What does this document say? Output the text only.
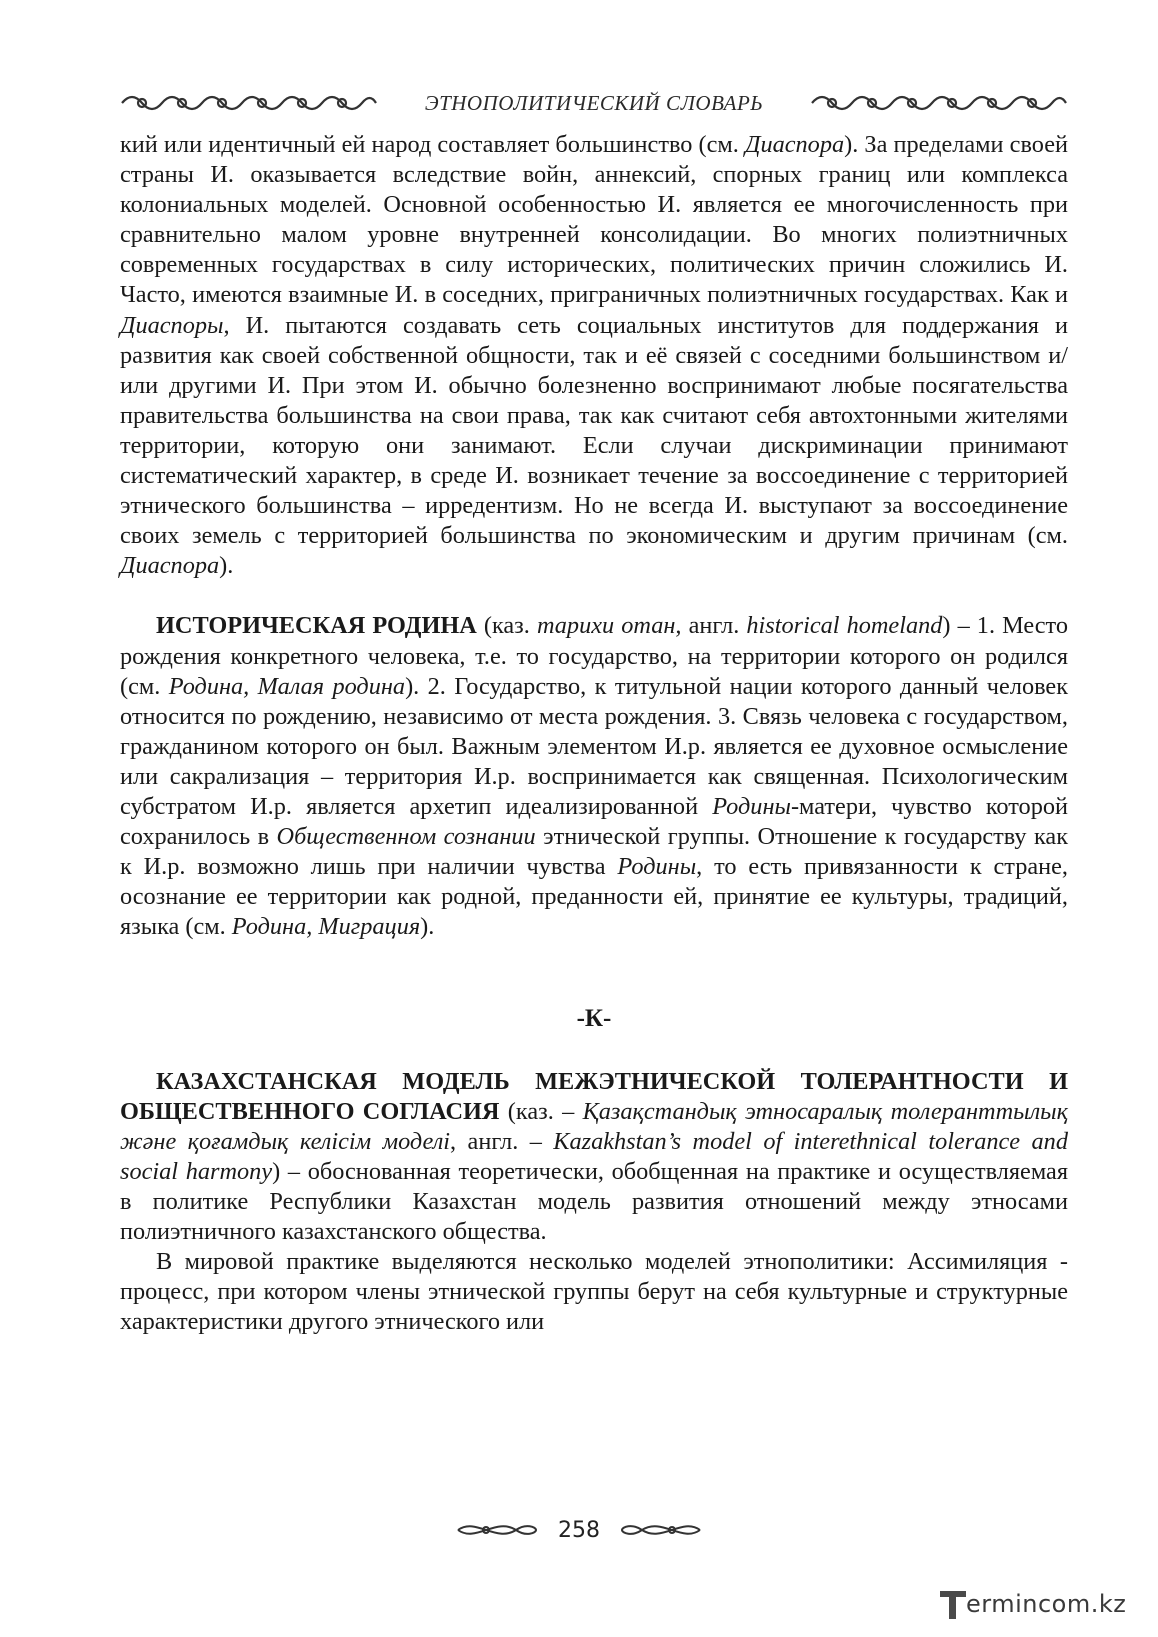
ЭТНОПОЛИТИЧЕСКИЙ СЛОВАРЬ

кий или идентичный ей народ составляет большинство (см. Диаспора). За пределами своей страны И. оказывается вследствие войн, аннексий, спорных границ или комплекса колониальных моделей. Основной особенностью И. является ее многочисленность при сравнительно малом уровне внутренней консолидации. Во многих полиэтничных современных государствах в силу исторических, политических причин сложились И. Часто, имеются взаимные И. в соседних, приграничных полиэтничных государствах. Как и Диаспоры, И. пытаются создавать сеть социальных институтов для поддержания и развития как своей собственной общности, так и её связей с соседними большинством и/или другими И. При этом И. обычно болезненно воспринимают любые посягательства правительства большинства на свои права, так как считают себя автохтонными жителями территории, которую они занимают. Если случаи дискриминации принимают систематический характер, в среде И. возникает течение за воссоединение с территорией этнического большинства – ирредентизм. Но не всегда И. выступают за воссоединение своих земель с территорией большинства по экономическим и другим причинам (см. Диаспора).

ИСТОРИЧЕСКАЯ РОДИНА (каз. тарихи отан, англ. historical homeland) – 1. Место рождения конкретного человека, т.е. то государство, на территории которого он родился (см. Родина, Малая родина). 2. Государство, к титульной нации которого данный человек относится по рождению, независимо от места рождения. 3. Связь человека с государством, гражданином которого он был. Важным элементом И.р. является ее духовное осмысление или сакрализация – территория И.р. воспринимается как священная. Психологическим субстратом И.р. является архетип идеализированной Родины-матери, чувство которой сохранилось в Общественном сознании этнической группы. Отношение к государству как к И.р. возможно лишь при наличии чувства Родины, то есть привязанности к стране, осознание ее территории как родной, преданности ей, принятие ее культуры, традиций, языка (см. Родина, Миграция).

-К-

КАЗАХСТАНСКАЯ МОДЕЛЬ МЕЖЭТНИЧЕСКОЙ ТОЛЕРАНТНОСТИ И ОБЩЕСТВЕННОГО СОГЛАСИЯ (каз. – Қазақстандық этносаралық толеранттылық және қоғамдық келісім моделі, англ. – Kazakhstan’s model of interethnical tolerance and social harmony) – обоснованная теоретически, обобщенная на практике и осуществляемая в политике Республики Казахстан модель развития отношений между этносами полиэтничного казахстанского общества.

В мировой практике выделяются несколько моделей этнополитики: Ассимиляция - процесс, при котором члены этнической группы берут на себя культурные и структурные характеристики другого этнического или

258
ermincom.kz
